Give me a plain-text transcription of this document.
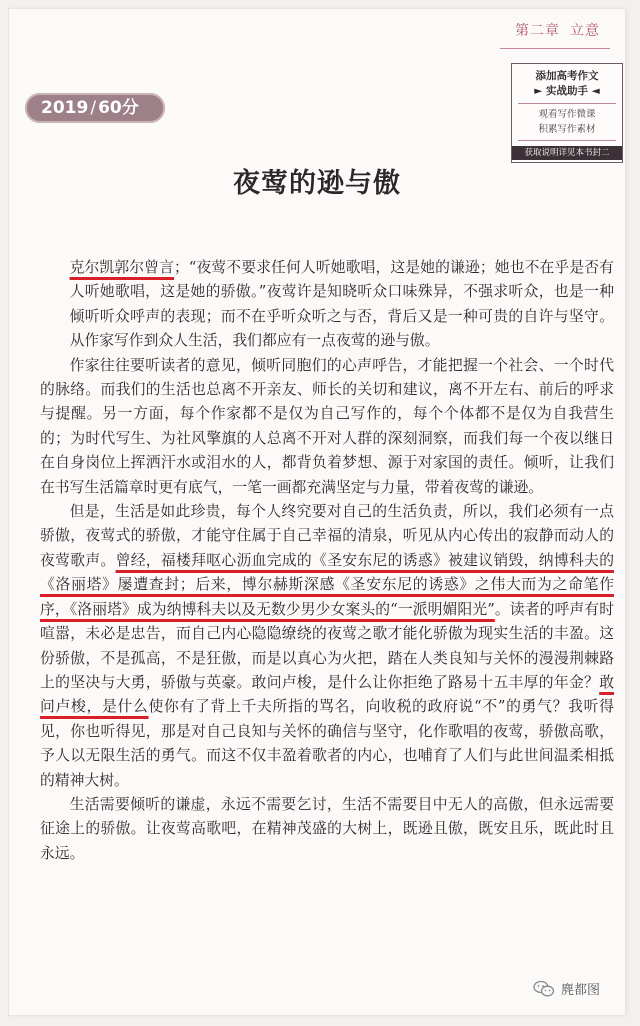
第二章 立意
添加高考作文
► 实战助手 ◄
观看写作微课
积累写作素材
获取说明详见本书封二
2019 / 60分
夜莺的逊与傲

克尔凯郭尔曾言；“夜莺不要求任何人听她歌唱，这是她的谦逊；她也不在乎是否有人听她歌唱，这是她的骄傲。”夜莺许是知晓听众口味殊异，不强求听众，也是一种倾听听众呼声的表现；而不在乎听众听之与否，背后又是一种可贵的自许与坚守。从作家写作到众人生活，我们都应有一点夜莺的逊与傲。

作家往往要听读者的意见，倾听同胞们的心声呼告，才能把握一个社会、一个时代的脉络。而我们的生活也总离不开亲友、师长的关切和建议，离不开左右、前后的呼求与提醒。另一方面，每个作家都不是仅为自己写作的，每个个体都不是仅为自我营生的；为时代写生、为社风擎旗的人总离不开对人群的深刻洞察，而我们每一个夜以继日在自身岗位上挥洒汗水或泪水的人，都背负着梦想、源于对家国的责任。倾听，让我们在书写生活篇章时更有底气，一笔一画都充满坚定与力量，带着夜莺的谦逊。

但是，生活是如此珍贵，每个人终究要对自己的生活负责，所以，我们必须有一点骄傲，夜莺式的骄傲，才能守住属于自己幸福的清泉，听见从内心传出的寂静而动人的夜莺歌声。曾经，福楼拜呕心沥血完成的《圣安东尼的诱惑》被建议销毁，纳博科夫的《洛丽塔》屡遭查封；后来，博尔赫斯深感《圣安东尼的诱惑》之伟大而为之命笔作序，《洛丽塔》成为纳博科夫以及无数少男少女案头的“一派明媚阳光”。读者的呼声有时喧嚣，未必是忠告，而自己内心隐隐缭绕的夜莺之歌才能化骄傲为现实生活的丰盈。这份骄傲，不是孤高，不是狂傲，而是以真心为火把，踏在人类良知与关怀的漫漫荆棘路上的坚决与大勇，骄傲与英豪。敢问卢梭，是什么让你拒绝了路易十五丰厚的年金？敢问卢梭，是什么使你有了背上千夫所指的骂名，向收税的政府说“不”的勇气？我听得见，你也听得见，那是对自己良知与关怀的确信与坚守，化作歌唱的夜莺，骄傲高歌，予人以无限生活的勇气。而这不仅丰盈着歌者的内心，也哺育了人们与此世间温柔相抵的精神大树。

生活需要倾听的谦虚，永远不需要乞讨，生活不需要目中无人的高傲，但永远需要征途上的骄傲。让夜莺高歌吧，在精神茂盛的大树上，既逊且傲，既安且乐，既此时且永远。

麂都图
